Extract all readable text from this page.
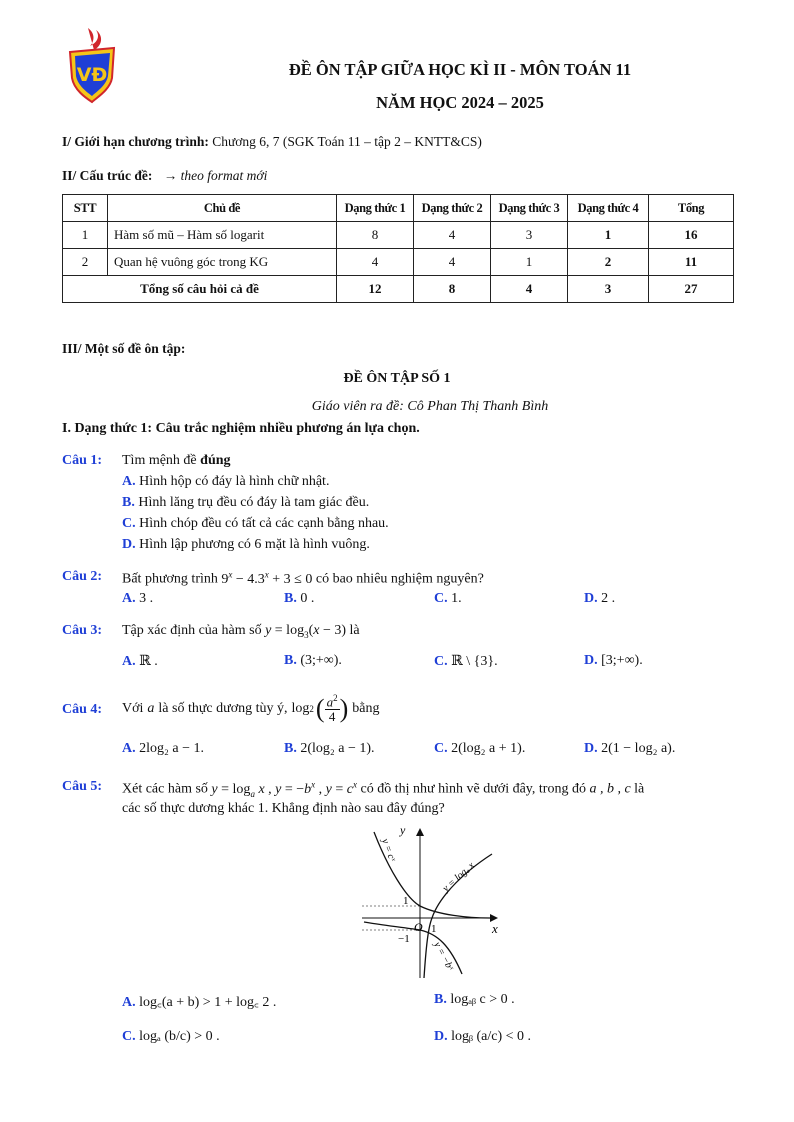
VĐ	ĐỀ ÔN TẬP GIỮA HỌC KÌ II - MÔN TOÁN 11
NĂM HỌC 2024 – 2025
I/ Giới hạn chương trình: Chương 6, 7 (SGK Toán 11 – tập 2 – KNTT&CS)
II/ Cấu trúc đề: → theo format mới
STT	Chủ đề	Dạng thức 1	Dạng thức 2	Dạng thức 3	Dạng thức 4	Tổng
1	Hàm số mũ – Hàm số logarit	8	4	3	1	16
2	Quan hệ vuông góc trong KG	4	4	1	2	11
Tổng số câu hỏi cả đề		12	8	4	3	27
III/ Một số đề ôn tập:
ĐỀ ÔN TẬP SỐ 1
Giáo viên ra đề: Cô Phan Thị Thanh Bình
I. Dạng thức 1: Câu trắc nghiệm nhiều phương án lựa chọn.
Câu 1: Tìm mệnh đề đúng
A. Hình hộp có đáy là hình chữ nhật.
B. Hình lăng trụ đều có đáy là tam giác đều.
C. Hình chóp đều có tất cả các cạnh bằng nhau.
D. Hình lập phương có 6 mặt là hình vuông.
Câu 2: Bất phương trình $9^x - 4.3^x + 3 \le 0$ có bao nhiêu nghiệm nguyên?
A. 3 .	B. 0 .	C. 1.	D. 2 .
Câu 3: Tập xác định của hàm số $y = \log_3(x - 3)$ là
A. ℝ .	B. (3;+∞).	C. ℝ \ {3}.	D. [3;+∞).
Câu 4: Với a là số thực dương tùy ý, log 2 ( $a^2$
4 ) bằng
A. 2log₂ a − 1.	B. 2(log₂ a − 1).	C. 2(log₂ a + 1).	D. 2(1 − log₂ a).
Câu 5: Xét các hàm số $y = \log_a x$ , $y = -b^x$ , $y = c^x$ có đồ thị như hình vẽ dưới đây, trong đó a , b , c là
các số thực dương khác 1. Khẳng định nào sau đây đúng?
y
x
O 1
1
−1
y = cˣ
y = logₐ x
y = −bˣ
A. log꜀(a + b) > 1 + log꜀ 2 .	B. logₐᵦ c > 0 .
C. logₐ (b/c) > 0 .	D. logᵦ (a/c) < 0 .
